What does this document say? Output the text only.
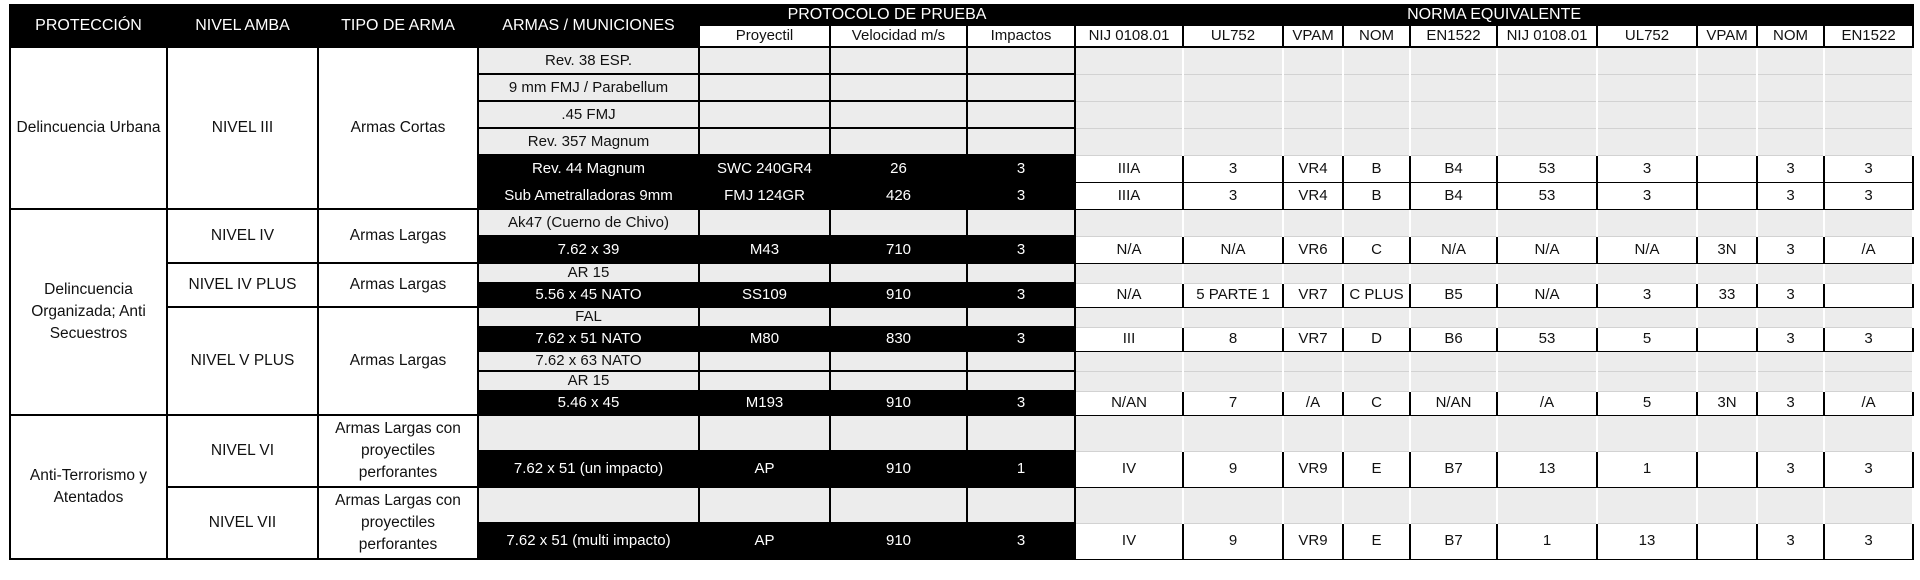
PROTECCIÓN	NIVEL AMBA	TIPO DE ARMA	ARMAS / MUNICIONES	PROTOCOLO DE PRUEBA			NORMA EQUIVALENTE									
				Proyectil	Velocidad m/s	Impactos	NIJ 0108.01	UL752	VPAM	NOM	EN1522	NIJ 0108.01	UL752	VPAM	NOM	EN1522
Delincuencia Urbana	NIVEL III	Armas Cortas	Rev. 38 ESP.													
			9 mm FMJ / Parabellum													
			.45 FMJ													
			Rev. 357 Magnum													
			Rev. 44 Magnum	SWC 240GR4	26	3	IIIA	3	VR4	B	B4	53	3		3	3
			Sub Ametralladoras 9mm	FMJ 124GR	426	3	IIIA	3	VR4	B	B4	53	3		3	3
Delincuencia Organizada; Anti Secuestros	NIVEL IV	Armas Largas	Ak47 (Cuerno de Chivo)													
			7.62 x 39	M43	710	3	N/A	N/A	VR6	C	N/A	N/A	N/A	3N	3	/A
	NIVEL IV PLUS	Armas Largas	AR 15													
			5.56 x 45 NATO	SS109	910	3	N/A	5 PARTE 1	VR7	C PLUS	B5	N/A	3	33	3	
	NIVEL V PLUS	Armas Largas	FAL													
			7.62 x 51 NATO	M80	830	3	III	8	VR7	D	B6	53	5		3	3
			7.62 x 63 NATO													
			AR 15													
			5.46 x 45	M193	910	3	N/AN	7	/A	C	N/AN	/A	5	3N	3	/A
Anti-Terrorismo y Atentados	NIVEL VI	Armas Largas con proyectiles perforantes														
			7.62 x 51 (un impacto)	AP	910	1	IV	9	VR9	E	B7	13	1		3	3
	NIVEL VII	Armas Largas con proyectiles perforantes														
			7.62 x 51 (multi impacto)	AP	910	3	IV	9	VR9	E	B7	1	13		3	3
